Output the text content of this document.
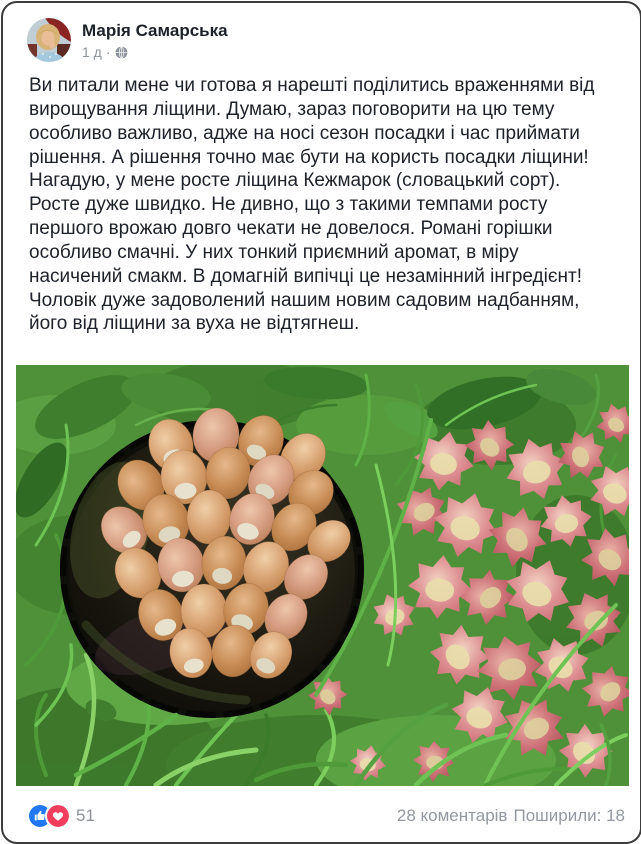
Марія Самарська
1 д ·
Ви питали мене чи готова я нарешті поділитись враженнями від вирощування ліщини. Думаю, зараз поговорити на цю тему особливо важливо, адже на носі сезон посадки і час приймати рішення. А рішення точно має бути на користь посадки ліщини! Нагадую, у мене росте ліщина Кежмарок (словацький сорт). Росте дуже швидко. Не дивно, що з такими темпами росту першого врожаю довго чекати не довелося. Романі горішки особливо смачні. У них тонкий приємний аромат, в міру насичений смакм. В домагній випічці це незамінний інгредієнт! Чоловік дуже задоволений нашим новим садовим надбанням, його від ліщини за вуха не відтягнеш.
51	28 коментарів Поширили: 18
